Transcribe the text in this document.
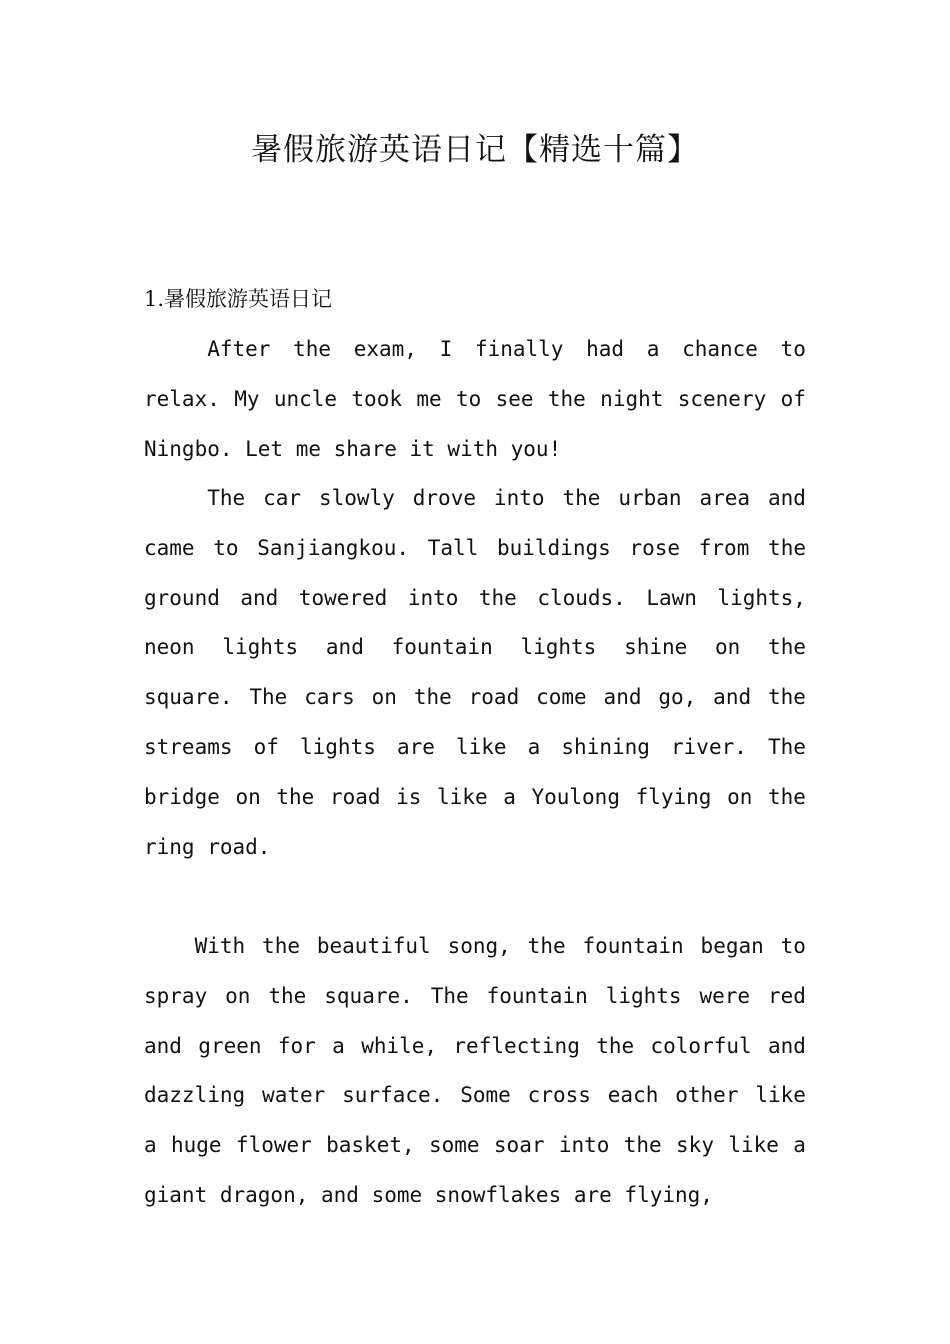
暑假旅游英语日记【精选十篇】
1.暑假旅游英语日记
After the exam, I finally had a chance to
relax. My uncle took me to see the night scenery of
Ningbo. Let me share it with you!
The car slowly drove into the urban area and
came to Sanjiangkou. Tall buildings rose from the
ground and towered into the clouds. Lawn lights,
neon lights and fountain lights shine on the
square. The cars on the road come and go, and the
streams of lights are like a shining river. The
bridge on the road is like a Youlong flying on the
ring road.
With the beautiful song, the fountain began to
spray on the square. The fountain lights were red
and green for a while, reflecting the colorful and
dazzling water surface. Some cross each other like
a huge flower basket, some soar into the sky like a
giant dragon, and some snowflakes are flying,
